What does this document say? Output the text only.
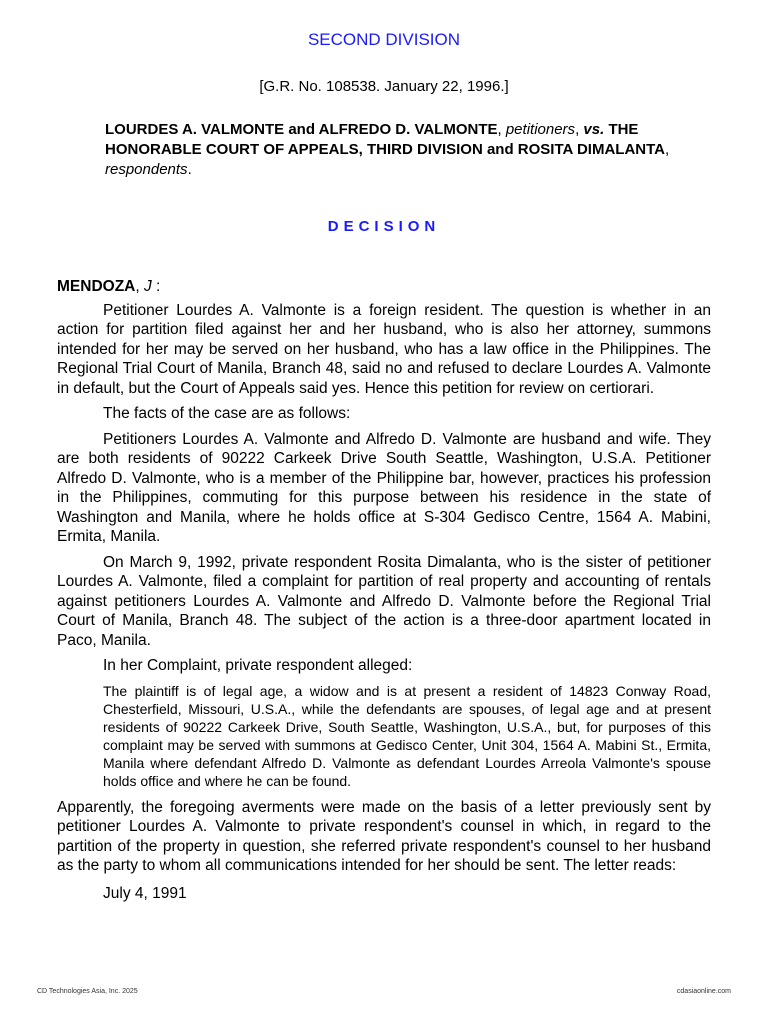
SECOND DIVISION
[G.R. No. 108538. January 22, 1996.]
LOURDES A. VALMONTE and ALFREDO D. VALMONTE, petitioners, vs. THE HONORABLE COURT OF APPEALS, THIRD DIVISION and ROSITA DIMALANTA, respondents.
DECISION

MENDOZA, J :

Petitioner Lourdes A. Valmonte is a foreign resident. The question is whether in an action for partition filed against her and her husband, who is also her attorney, summons intended for her may be served on her husband, who has a law office in the Philippines. The Regional Trial Court of Manila, Branch 48, said no and refused to declare Lourdes A. Valmonte in default, but the Court of Appeals said yes. Hence this petition for review on certiorari.

The facts of the case are as follows:

Petitioners Lourdes A. Valmonte and Alfredo D. Valmonte are husband and wife. They are both residents of 90222 Carkeek Drive South Seattle, Washington, U.S.A. Petitioner Alfredo D. Valmonte, who is a member of the Philippine bar, however, practices his profession in the Philippines, commuting for this purpose between his residence in the state of Washington and Manila, where he holds office at S-304 Gedisco Centre, 1564 A. Mabini, Ermita, Manila.

On March 9, 1992, private respondent Rosita Dimalanta, who is the sister of petitioner Lourdes A. Valmonte, filed a complaint for partition of real property and accounting of rentals against petitioners Lourdes A. Valmonte and Alfredo D. Valmonte before the Regional Trial Court of Manila, Branch 48. The subject of the action is a three-door apartment located in Paco, Manila.

In her Complaint, private respondent alleged:

The plaintiff is of legal age, a widow and is at present a resident of 14823 Conway Road, Chesterfield, Missouri, U.S.A., while the defendants are spouses, of legal age and at present residents of 90222 Carkeek Drive, South Seattle, Washington, U.S.A., but, for purposes of this complaint may be served with summons at Gedisco Center, Unit 304, 1564 A. Mabini St., Ermita, Manila where defendant Alfredo D. Valmonte as defendant Lourdes Arreola Valmonte's spouse holds office and where he can be found.

Apparently, the foregoing averments were made on the basis of a letter previously sent by petitioner Lourdes A. Valmonte to private respondent's counsel in which, in regard to the partition of the property in question, she referred private respondent's counsel to her husband as the party to whom all communications intended for her should be sent. The letter reads:

July 4, 1991

CD Technologies Asia, Inc. 2025	cdasiaonline.com
